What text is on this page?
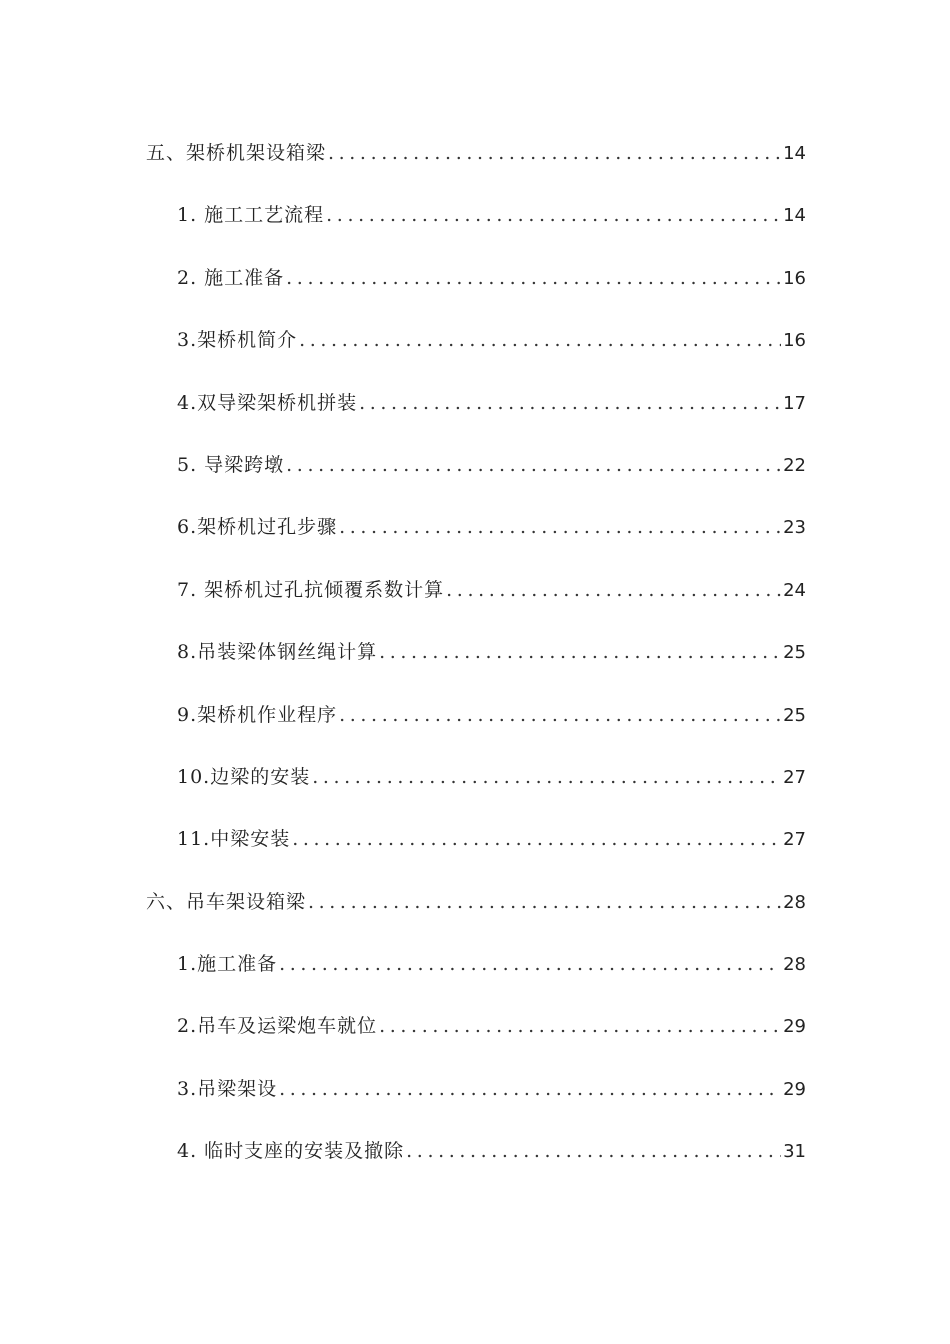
五、架桥机架设箱梁 .....	14
1. 施工工艺流程 .....	14
2. 施工准备 .....	16
3.架桥机简介 .....	16
4.双导梁架桥机拼装 .....	17
5. 导梁跨墩 .....	22
6.架桥机过孔步骤 .....	23
7. 架桥机过孔抗倾覆系数计算 .....	24
8.吊装梁体钢丝绳计算 .....	25
9.架桥机作业程序 .....	25
10.边梁的安装 .....	27
11.中梁安装 .....	27
六、吊车架设箱梁 .....	28
1.施工准备 .....	28
2.吊车及运梁炮车就位 .....	29
3.吊梁架设 .....	29
4. 临时支座的安装及撤除 .....	31
